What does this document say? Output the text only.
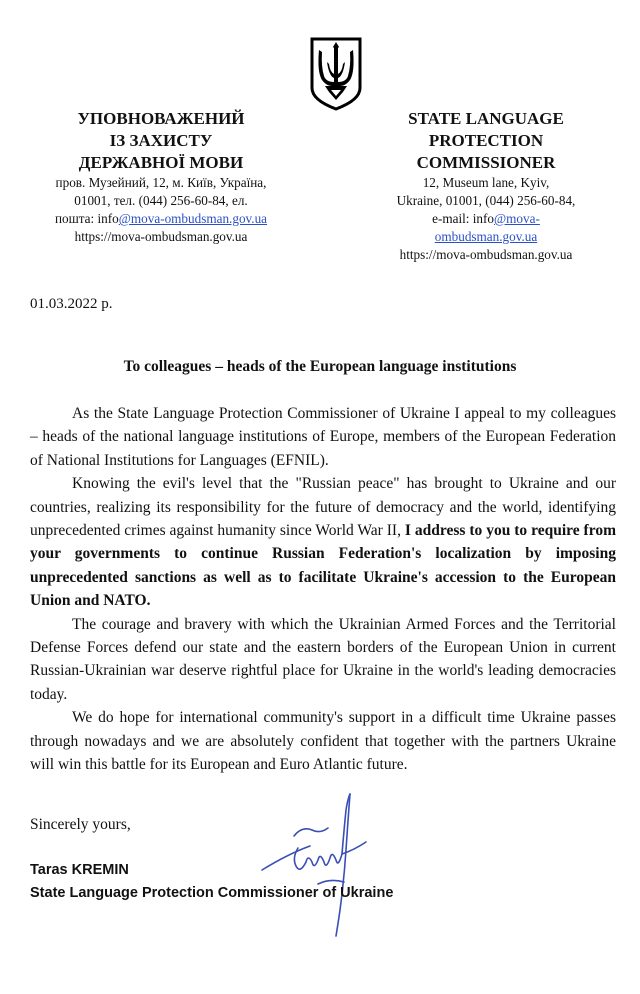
УПОВНОВАЖЕНИЙ
ІЗ ЗАХИСТУ
ДЕРЖАВНОЇ МОВИ
пров. Музейний, 12, м. Київ, Україна,
01001, тел. (044) 256-60-84, ел.
пошта: info@mova-ombudsman.gov.ua
https://mova-ombudsman.gov.ua
STATE LANGUAGE
PROTECTION
COMMISSIONER
12, Museum lane, Kyiv,
Ukraine, 01001, (044) 256-60-84,
e-mail: info@mova-
ombudsman.gov.ua
https://mova-ombudsman.gov.ua
01.03.2022 p.
To colleagues – heads of the European language institutions

As the State Language Protection Commissioner of Ukraine I appeal to my colleagues – heads of the national language institutions of Europe, members of the European Federation of National Institutions for Languages (EFNIL).

Knowing the evil's level that the "Russian peace" has brought to Ukraine and our countries, realizing its responsibility for the future of democracy and the world, identifying unprecedented crimes against humanity since World War II, I address to you to require from your governments to continue Russian Federation's localization by imposing unprecedented sanctions as well as to facilitate Ukraine's accession to the European Union and NATO.

The courage and bravery with which the Ukrainian Armed Forces and the Territorial Defense Forces defend our state and the eastern borders of the European Union in current Russian-Ukrainian war deserve rightful place for Ukraine in the world's leading democracies today.

We do hope for international community's support in a difficult time Ukraine passes through nowadays and we are absolutely confident that together with the partners Ukraine will win this battle for its European and Euro Atlantic future.

Sincerely yours,
Taras KREMIN
State Language Protection Commissioner of Ukraine
